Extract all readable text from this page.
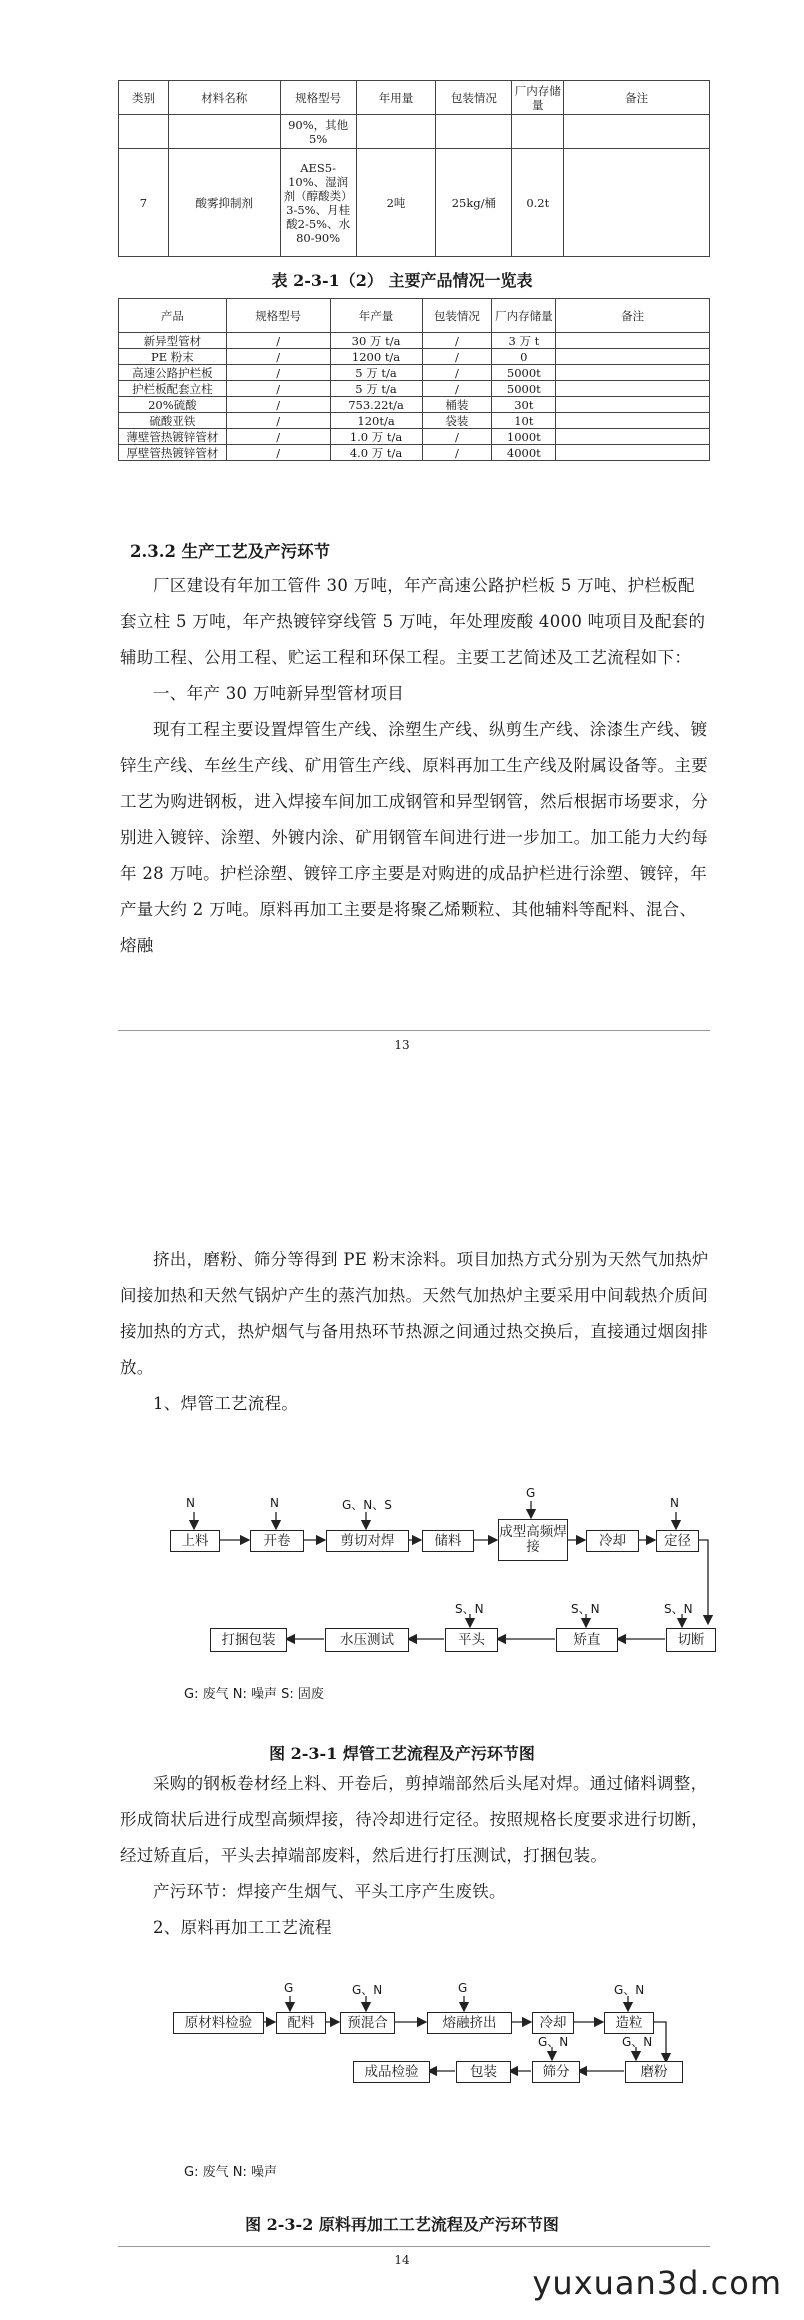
类别	材料名称	规格型号	年用量	包装情况	厂内存储量	备注
		90%，其他5%				
7	酸雾抑制剂	AES5-10%、湿润剂（醇酸类）3-5%、月桂酸2-5%、水80-90%	2吨	25kg/桶	0.2t	
表 2-3-1（2） 主要产品情况一览表
产品	规格型号	年产量	包装情况	厂内存储量	备注
新异型管材	/	30 万 t/a	/	3 万 t	
PE 粉末	/	1200 t/a	/	0	
高速公路护栏板	/	5 万 t/a	/	5000t	
护栏板配套立柱	/	5 万 t/a	/	5000t	
20%硫酸	/	753.22t/a	桶装	30t	
硫酸亚铁	/	120t/a	袋装	10t	
薄壁管热镀锌管材	/	1.0 万 t/a	/	1000t	
厚壁管热镀锌管材	/	4.0 万 t/a	/	4000t	
2.3.2 生产工艺及产污环节

厂区建设有年加工管件 30 万吨，年产高速公路护栏板 5 万吨、护栏板配套立柱 5 万吨，年产热镀锌穿线管 5 万吨，年处理废酸 4000 吨项目及配套的辅助工程、公用工程、贮运工程和环保工程。主要工艺简述及工艺流程如下：

一、年产 30 万吨新异型管材项目

现有工程主要设置焊管生产线、涂塑生产线、纵剪生产线、涂漆生产线、镀锌生产线、车丝生产线、矿用管生产线、原料再加工生产线及附属设备等。主要工艺为购进钢板，进入焊接车间加工成钢管和异型钢管，然后根据市场要求，分别进入镀锌、涂塑、外镀内涂、矿用钢管车间进行进一步加工。加工能力大约每年 28 万吨。护栏涂塑、镀锌工序主要是对购进的成品护栏进行涂塑、镀锌，年产量大约 2 万吨。原料再加工主要是将聚乙烯颗粒、其他辅料等配料、混合、熔融

13

挤出，磨粉、筛分等得到 PE 粉末涂料。项目加热方式分别为天然气加热炉间接加热和天然气锅炉产生的蒸汽加热。天然气加热炉主要采用中间载热介质间接加热的方式，热炉烟气与备用热环节热源之间通过热交换后，直接通过烟囱排放。

1、焊管工艺流程。

上料	开卷	剪切对焊	储料
成型高频焊接	冷却	定径
切断
矫直
平头
水压测试
打捆包装
N	N	G、N、S
G
N
S、N	S、N	S、N
G: 废气 N: 噪声 S: 固废
图 2-3-1 焊管工艺流程及产污环节图

采购的钢板卷材经上料、开卷后，剪掉端部然后头尾对焊。通过储料调整，形成筒状后进行成型高频焊接，待冷却进行定径。按照规格长度要求进行切断，经过矫直后，平头去掉端部废料，然后进行打压测试，打捆包装。

产污环节：焊接产生烟气、平头工序产生废铁。

2、原料再加工工艺流程

原材料检验	配料	预混合	熔融挤出	冷却	造粒
磨粉
筛分
包装
成品检验
G	G、N	G	G、N
G、N	G、N
G: 废气 N: 噪声
图 2-3-2 原料再加工工艺流程及产污环节图
14
yuxuan3d.com
